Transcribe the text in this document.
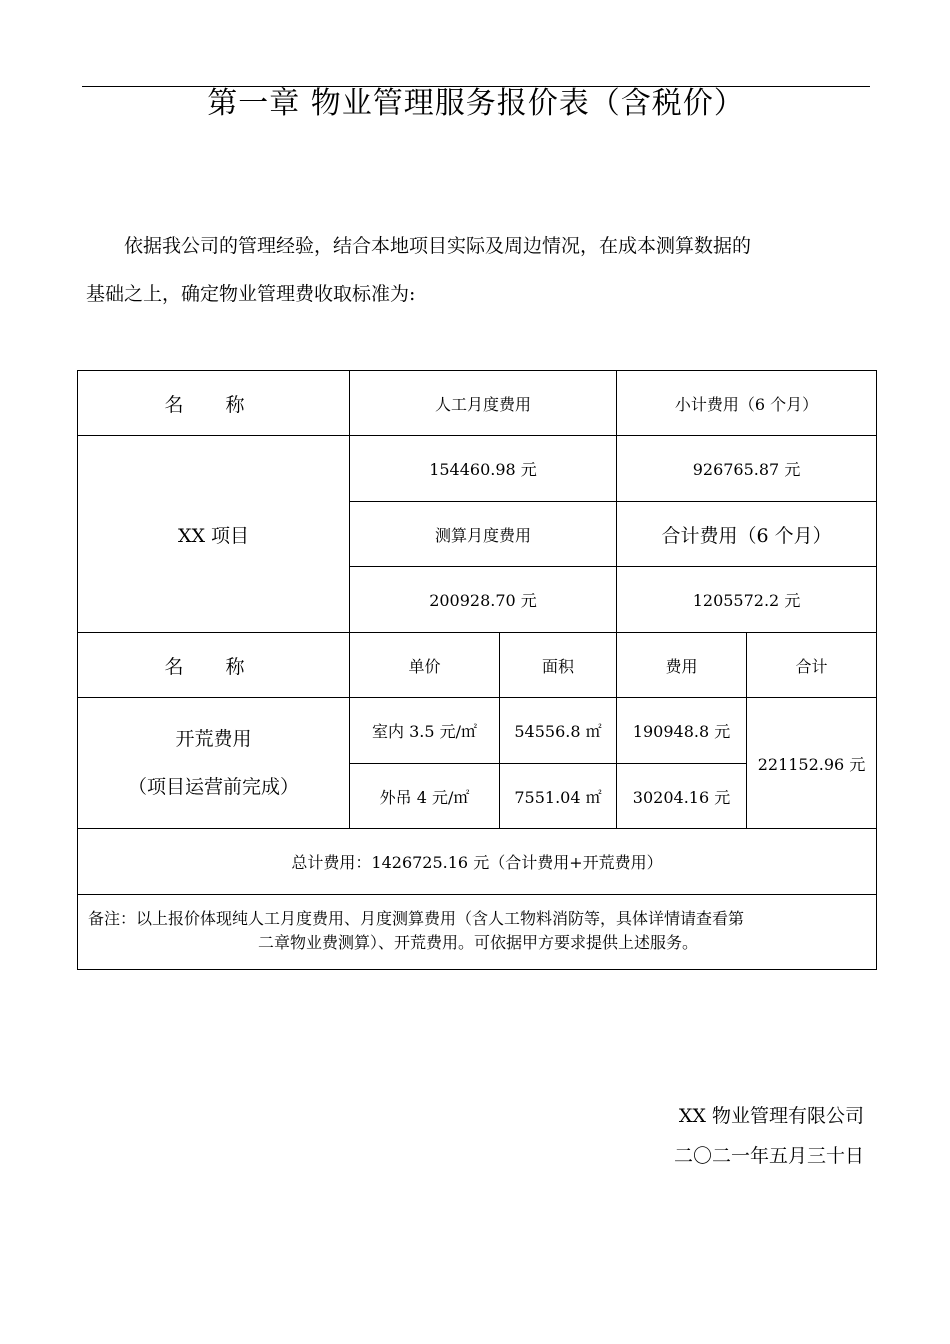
第一章 物业管理服务报价表（含税价）

依据我公司的管理经验，结合本地项目实际及周边情况，在成本测算数据的

基础之上，确定物业管理费收取标准为:
名 称	人工月度费用		小计费用（6 个月）	
XX 项目	154460.98 元		926765.87 元	
	测算月度费用		合计费用（6 个月）	
	200928.70 元		1205572.2 元	
名 称	单价	面积	费用	合计

开荒费用
（项目运营前完成）	室内 3.5 元/㎡	54556.8 ㎡	190948.8 元	221152.96 元
	外吊 4 元/㎡	7551.04 ㎡	30204.16 元	
总计费用：1426725.16 元（合计费用+开荒费用）				
备注：以上报价体现纯人工月度费用、月度测算费用（含人工物料消防等，具体详情请查看第
二章物业费测算）、开荒费用。可依据甲方要求提供上述服务。				
XX 物业管理有限公司
二〇二一年五月三十日
